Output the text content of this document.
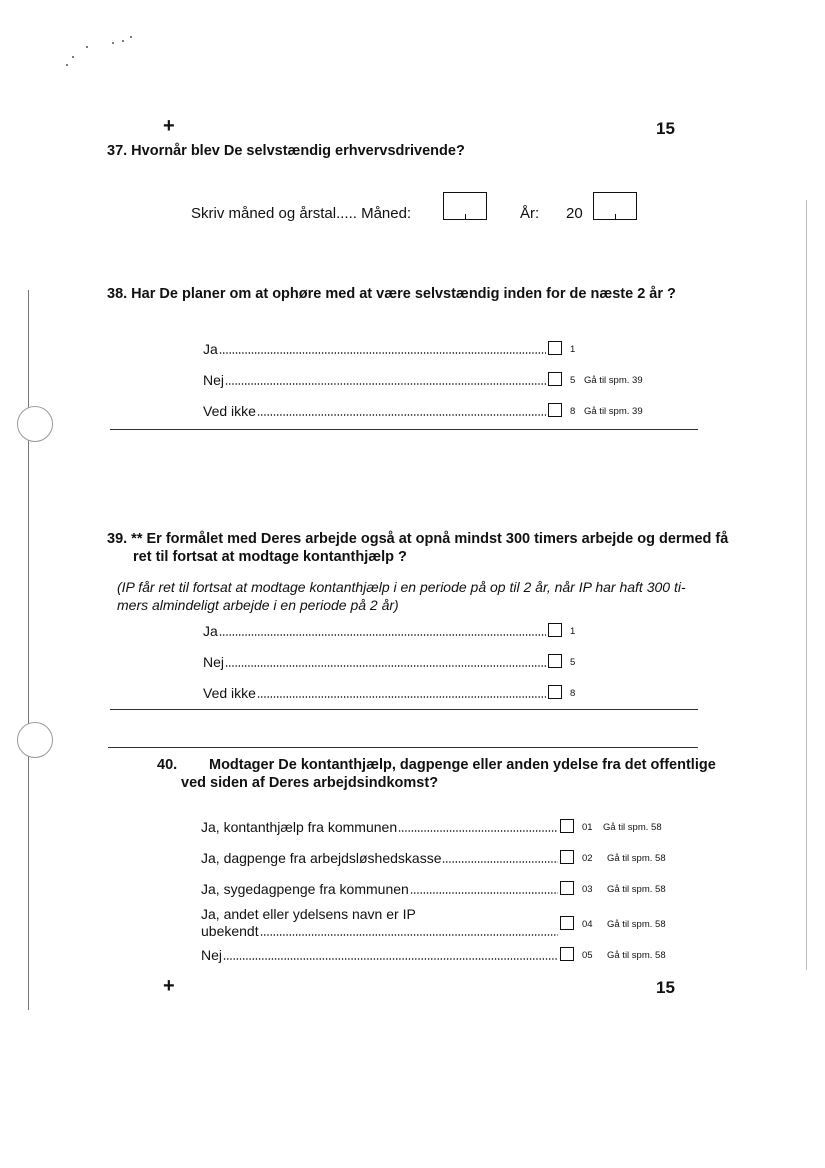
+	15
37. Hvornår blev De selvstændig erhvervsdrivende?
Skriv måned og årstal..... Måned:	År: 20
38. Har De planer om at ophøre med at være selvstændig inden for de næste 2 år ?
Ja	1
Nej	5 Gå til spm. 39
Ved ikke	8 Gå til spm. 39
39. ** Er formålet med Deres arbejde også at opnå mindst 300 timers arbejde og dermed få
ret til fortsat at modtage kontanthjælp ?
(IP får ret til fortsat at modtage kontanthjælp i en periode på op til 2 år, når IP har haft 300 ti-
mers almindeligt arbejde i en periode på 2 år)
Ja	1
Nej	5
Ved ikke	8
40. Modtager De kontanthjælp, dagpenge eller anden ydelse fra det offentlige
ved siden af Deres arbejdsindkomst?
Ja, kontanthjælp fra kommunen	01 Gå til spm. 58
Ja, dagpenge fra arbejdsløshedskasse	02 Gå til spm. 58
Ja, sygedagpenge fra kommunen	03 Gå til spm. 58
Ja, andet eller ydelsens navn er IP
ubekendt	04 Gå til spm. 58
Nej	05 Gå til spm. 58
+	15
